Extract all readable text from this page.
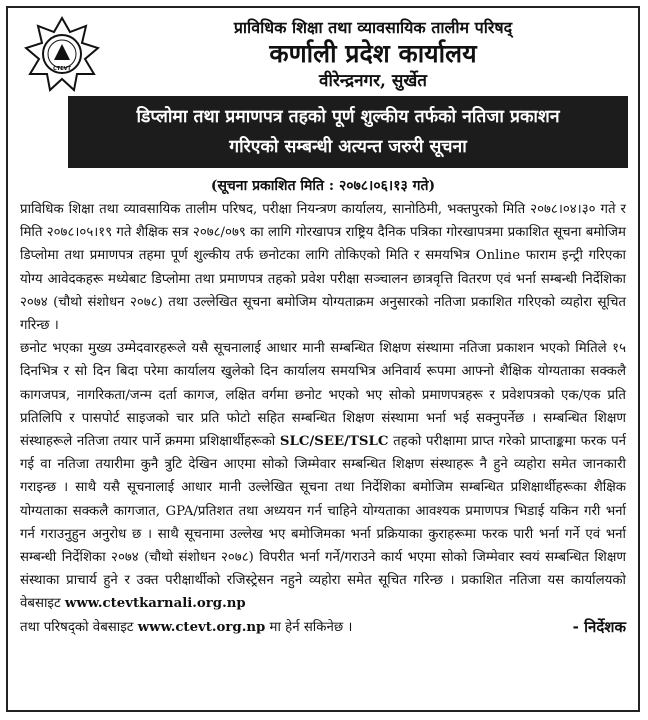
CTEVT
प्राविधिक शिक्षा तथा व्यावसायिक तालीम परिषद्
कर्णाली प्रदेश कार्यालय
वीरेन्द्रनगर, सुर्खेत
डिप्लोमा तथा प्रमाणपत्र तहको पूर्ण शुल्कीय तर्फको नतिजा प्रकाशन
गरिएको सम्बन्धी अत्यन्त जरुरी सूचना
(सूचना प्रकाशित मिति : २०७८।०६।१३ गते)
प्राविधिक शिक्षा तथा व्यावसायिक तालीम परिषद, परीक्षा नियन्त्रण कार्यालय, सानोठिमी, भक्तपुरको मिति २०७८।०४।३० गते र मिति २०७८।०५।१९ गते शैक्षिक सत्र २०७८/०७९ का लागि गोरखापत्र राष्ट्रिय दैनिक पत्रिका गोरखापत्रमा प्रकाशित सूचना बमोजिम डिप्लोमा तथा प्रमाणपत्र तहमा पूर्ण शुल्कीय तर्फ छनोटका लागि तोकिएको मिति र समयभित्र Online फाराम इन्ट्री गरिएका योग्य आवेदकहरू मध्येबाट डिप्लोमा तथा प्रमाणपत्र तहको प्रवेश परीक्षा सञ्चालन छात्रवृत्ति वितरण एवं भर्ना सम्बन्धी निर्देशिका २०७४ (चौथो संशोधन २०७८) तथा उल्लेखित सूचना बमोजिम योग्यताक्रम अनुसारको नतिजा प्रकाशित गरिएको व्यहोरा सूचित गरिन्छ ।
छनोट भएका मुख्य उम्मेदवारहरूले यसै सूचनालाई आधार मानी सम्बन्धित शिक्षण संस्थामा नतिजा प्रकाशन भएको मितिले १५ दिनभित्र र सो दिन बिदा परेमा कार्यालय खुलेको दिन कार्यालय समयभित्र अनिवार्य रूपमा आफ्नो शैक्षिक योग्यताका सक्कलै कागजपत्र, नागरिकता/जन्म दर्ता कागज, लक्षित वर्गमा छनोट भएको भए सोको प्रमाणपत्रहरू र प्रवेशपत्रको एक/एक प्रति प्रतिलिपि र पासपोर्ट साइजको चार प्रति फोटो सहित सम्बन्धित शिक्षण संस्थामा भर्ना भई सक्नुपर्नेछ । सम्बन्धित शिक्षण संस्थाहरूले नतिजा तयार पार्ने क्रममा प्रशिक्षार्थीहरूको SLC/SEE/TSLC तहको परीक्षामा प्राप्त गरेको प्राप्ताङ्कमा फरक पर्न गई वा नतिजा तयारीमा कुनै त्रुटि देखिन आएमा सोको जिम्मेवार सम्बन्धित शिक्षण संस्थाहरू नै हुने व्यहोरा समेत जानकारी गराइन्छ । साथै यसै सूचनालाई आधार मानी उल्लेखित सूचना तथा निर्देशिका बमोजिम सम्बन्धित प्रशिक्षार्थीहरूका शैक्षिक योग्यताका सक्कलै कागजात, GPA/प्रतिशत तथा अध्ययन गर्न चाहिने योग्यताका आवश्यक प्रमाणपत्र भिडाई यकिन गरी भर्ना गर्न गराउनुहुन अनुरोध छ । साथै सूचनामा उल्लेख भए बमोजिमका भर्ना प्रक्रियाका कुराहरूमा फरक पारी भर्ना गर्ने एवं भर्ना सम्बन्धी निर्देशिका २०७४ (चौथो संशोधन २०७८) विपरीत भर्ना गर्ने/गराउने कार्य भएमा सोको जिम्मेवार स्वयं सम्बन्धित शिक्षण संस्थाका प्राचार्य हुने र उक्त परीक्षार्थीको रजिस्ट्रेसन नहुने व्यहोरा समेत सूचित गरिन्छ । प्रकाशित नतिजा यस कार्यालयको वेबसाइट www.ctevtkarnali.org.np
तथा परिषद्को वेबसाइट www.ctevt.org.np मा हेर्न सकिनेछ ।	- निर्देशक
